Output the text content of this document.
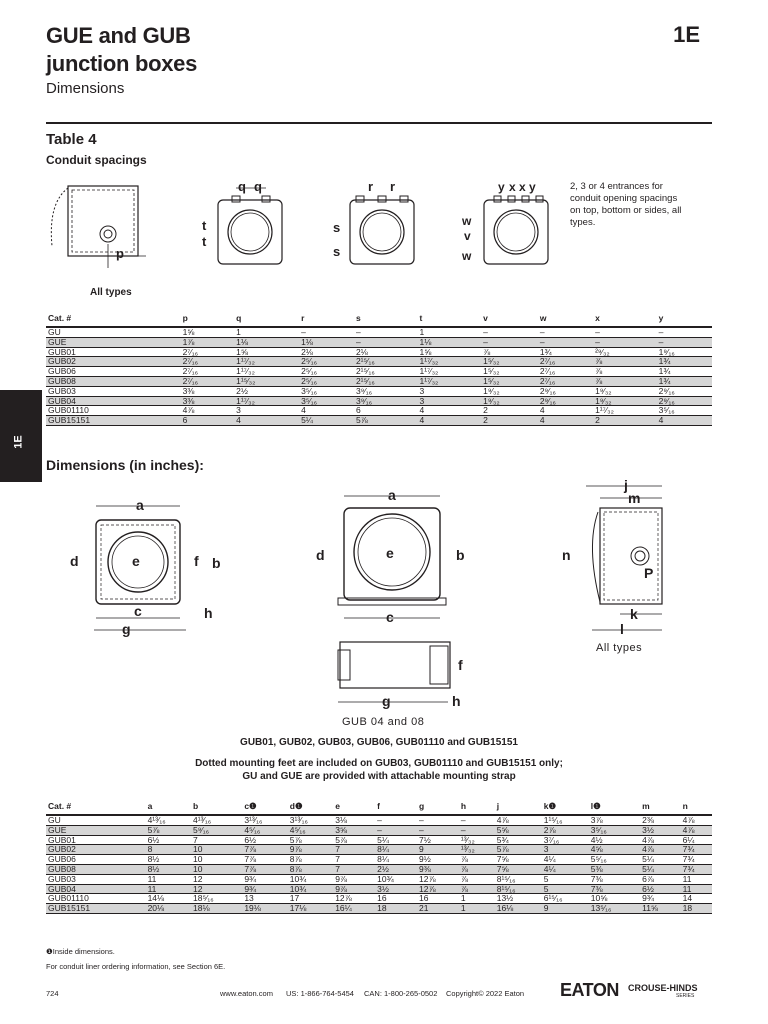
GUE and GUB
junction boxes
1E
Dimensions
1E
Table 4
Conduit spacings
p
All types
q q
t
t
r r
s
s
y x x y
w
v
w
2, 3 or 4 entrances for conduit opening spacings on top, bottom or sides, all types.
Cat. #	p	q	r	s	t	v	w	x	y
GU	1⅝	1	–	–	1	–	–	–	–
GUE	1⅞	1⅛	1⅛	–	1⅛	–	–	–	–
GUB01	2⁷⁄₁₆	1⅝	2⅛	2⅛	1⅝	⅞	1¾	²⁹⁄₃₂	1⁹⁄₁₆
GUB02	2⁷⁄₁₆	1¹⁷⁄₃₂	2⁵⁄₁₆	2¹⁵⁄₁₆	1¹⁷⁄₃₂	1⁵⁄₃₂	2⁷⁄₁₆	⅞	1¾
GUB06	2⁷⁄₁₆	1¹⁷⁄₃₂	2⁵⁄₁₆	2¹⁵⁄₁₆	1¹⁷⁄₃₂	1⁵⁄₃₂	2⁷⁄₁₆	⅞	1¾
GUB08	2⁷⁄₁₆	1¹⁵⁄₃₂	2⁵⁄₁₆	2¹⁵⁄₁₆	1¹⁷⁄₃₂	1⁵⁄₃₂	2⁷⁄₁₆	⅞	1¾
GUB03	3⅜	2½	3⁵⁄₁₆	3⁹⁄₁₆	3	1⁹⁄₃₂	2⁹⁄₁₆	1⁹⁄₃₂	2⁹⁄₁₆
GUB04	3⅜	1¹⁷⁄₃₂	3⁵⁄₁₆	3⁹⁄₁₆	3	1⁹⁄₃₂	2⁹⁄₁₆	1⁹⁄₃₂	2⁹⁄₁₆
GUB01110	4⅞	3	4	6	4	2	4	1¹⁷⁄₃₂	3⁵⁄₁₆
GUB15151	6	4	5¼	5⅞	4	2	4	2	4
Dimensions (in inches):
a
e
d	b
f
c
g
h
a
e
d	b
c
f
g	h
GUB 04 and 08
j
m
n
P
k
l
All types
GUB01, GUB02, GUB03, GUB06, GUB01110 and GUB15151
Dotted mounting feet are included on GUB03, GUB01110 and GUB15151 only;
GU and GUE are provided with attachable mounting strap
Cat. #	a	b	c❶	d❶	e	f	g	h	j	k❶	l❶	m	n
GU	4¹³⁄₁₆	4¹³⁄₁₆	3¹³⁄₁₆	3¹³⁄₁₆	3⅛	–	–	–	4⅞	1¹⁵⁄₁₆	3⅞	2⅜	4⅞
GUE	5⅞	5⁹⁄₁₆	4⁵⁄₁₆	4⁵⁄₁₆	3⅝	–	–	–	5⅝	2⅞	3⁵⁄₁₆	3½	4⅞
GUB01	6½	7	6½	5⅞	5⅞	5¼	7½	¹³⁄₃₂	5¾	3⁷⁄₁₆	4½	4⅞	6¼
GUB02	8	10	7⅞	9⅞	7	8¼	9	¹³⁄₃₂	5⅞	3	4⅝	4⅞	7¾
GUB06	8½	10	7⅞	8⅞	7	8¼	9½	⅞	7⅝	4¼	5⁵⁄₁₆	5¼	7¾
GUB08	8½	10	7⅞	8⅞	7	2½	9⅜	⅞	7⅝	4¼	5⅜	5¼	7¾
GUB03	11	12	9¾	10¾	9⅞	10¾	12⅞	⅞	8¹⁵⁄₁₆	5	7⅜	6⅞	11
GUB04	11	12	9¾	10¾	9⅞	3½	12⅞	⅞	8¹⁵⁄₁₆	5	7⅜	6½	11
GUB01110	14⅛	18⁵⁄₁₆	13	17	12⅞	16	16	1	13½	6¹⁵⁄₁₆	10⅝	9¾	14
GUB15151	20⅛	18⅛	19⅛	17⅛	16¼	18	21	1	16⅛	9	13⁵⁄₁₆	11⅝	18
❶Inside dimensions.
For conduit liner ordering information, see Section 6E.
724	www.eaton.com US: 1-866-764-5454 CAN: 1-800-265-0502 Copyright© 2022 Eaton EATON CROUSE-HINDS
SERIES
